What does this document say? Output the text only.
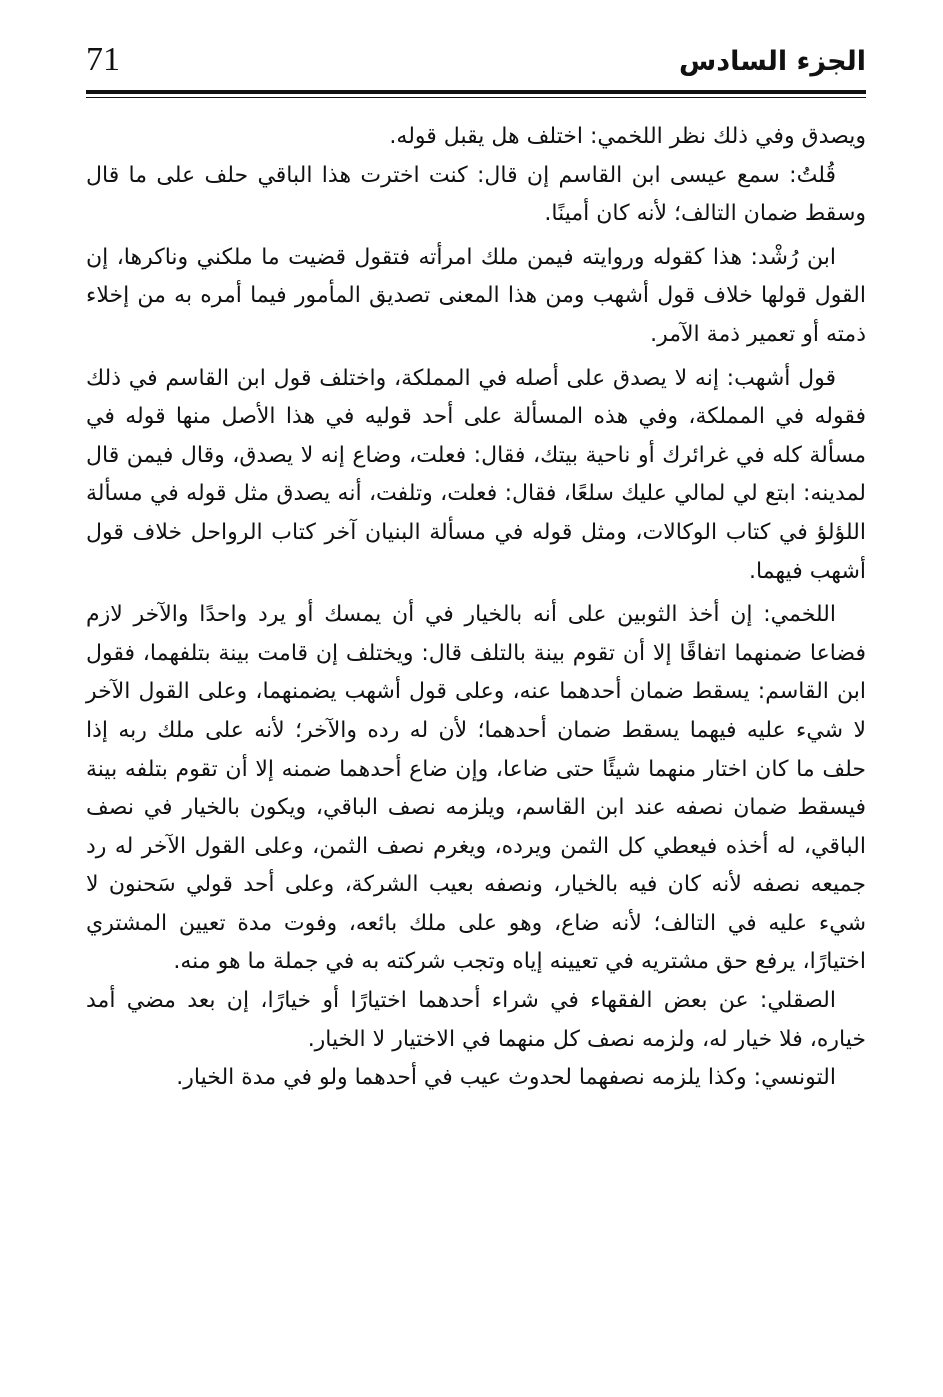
71	الجزء السادس

ويصدق وفي ذلك نظر اللخمي: اختلف هل يقبل قوله.

قُلتُ: سمع عيسى ابن القاسم إن قال: كنت اخترت هذا الباقي حلف على ما قال وسقط ضمان التالف؛ لأنه كان أمينًا.

ابن رُشْد: هذا كقوله وروايته فيمن ملك امرأته فتقول قضيت ما ملكني وناكرها، إن القول قولها خلاف قول أشهب ومن هذا المعنى تصديق المأمور فيما أمره به من إخلاء ذمته أو تعمير ذمة الآمر.

قول أشهب: إنه لا يصدق على أصله في المملكة، واختلف قول ابن القاسم في ذلك فقوله في المملكة، وفي هذه المسألة على أحد قوليه في هذا الأصل منها قوله في مسألة كله في غرائرك أو ناحية بيتك، فقال: فعلت، وضاع إنه لا يصدق، وقال فيمن قال لمدينه: ابتع لي لمالي عليك سلعًا، فقال: فعلت، وتلفت، أنه يصدق مثل قوله في مسألة اللؤلؤ في كتاب الوكالات، ومثل قوله في مسألة البنيان آخر كتاب الرواحل خلاف قول أشهب فيهما.

اللخمي: إن أخذ الثوبين على أنه بالخيار في أن يمسك أو يرد واحدًا والآخر لازم فضاعا ضمنهما اتفاقًا إلا أن تقوم بينة بالتلف قال: ويختلف إن قامت بينة بتلفهما، فقول ابن القاسم: يسقط ضمان أحدهما عنه، وعلى قول أشهب يضمنهما، وعلى القول الآخر لا شيء عليه فيهما يسقط ضمان أحدهما؛ لأن له رده والآخر؛ لأنه على ملك ربه إذا حلف ما كان اختار منهما شيئًا حتى ضاعا، وإن ضاع أحدهما ضمنه إلا أن تقوم بتلفه بينة فيسقط ضمان نصفه عند ابن القاسم، ويلزمه نصف الباقي، ويكون بالخيار في نصف الباقي، له أخذه فيعطي كل الثمن ويرده، ويغرم نصف الثمن، وعلى القول الآخر له رد جميعه نصفه لأنه كان فيه بالخيار، ونصفه بعيب الشركة، وعلى أحد قولي سَحنون لا شيء عليه في التالف؛ لأنه ضاع، وهو على ملك بائعه، وفوت مدة تعيين المشتري اختيارًا، يرفع حق مشتريه في تعيينه إياه وتجب شركته به في جملة ما هو منه.

الصقلي: عن بعض الفقهاء في شراء أحدهما اختيارًا أو خيارًا، إن بعد مضي أمد خياره، فلا خيار له، ولزمه نصف كل منهما في الاختيار لا الخيار.

التونسي: وكذا يلزمه نصفهما لحدوث عيب في أحدهما ولو في مدة الخيار.
